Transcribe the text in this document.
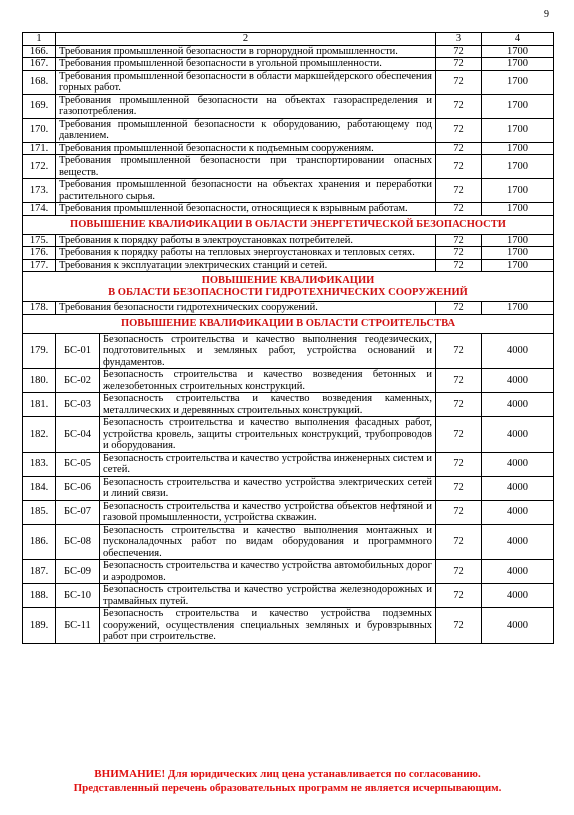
9
1	2		3	4
166.	Требования промышленной безопасности в горнорудной промышленности.		72	1700
167.	Требования промышленной безопасности в угольной промышленности.		72	1700
168.	Требования промышленной безопасности в области маркшейдерского обеспечения горных работ.		72	1700
169.	Требования промышленной безопасности на объектах газораспределения и газопотребления.		72	1700
170.	Требования промышленной безопасности к оборудованию, работающему под давлением.		72	1700
171.	Требования промышленной безопасности к подъемным сооружениям.		72	1700
172.	Требования промышленной безопасности при транспортировании опасных веществ.		72	1700
173.	Требования промышленной безопасности на объектах хранения и переработки растительного сырья.		72	1700
174.	Требования промышленной безопасности, относящиеся к взрывным работам.		72	1700

ПОВЫШЕНИЕ КВАЛИФИКАЦИИ В ОБЛАСТИ ЭНЕРГЕТИЧЕСКОЙ БЕЗОПАСНОСТИ				

175.	Требования к порядку работы в электроустановках потребителей.		72	1700
176.	Требования к порядку работы на тепловых энергоустановках и тепловых сетях.		72	1700
177.	Требования к эксплуатации электрических станций и сетей.		72	1700

ПОВЫШЕНИЕ КВАЛИФИКАЦИИ
В ОБЛАСТИ БЕЗОПАСНОСТИ ГИДРОТЕХНИЧЕСКИХ СООРУЖЕНИЙ				

178.	Требования безопасности гидротехнических сооружений.		72	1700

ПОВЫШЕНИЕ КВАЛИФИКАЦИИ В ОБЛАСТИ СТРОИТЕЛЬСТВА				

179.	БС-01	Безопасность строительства и качество выполнения геодезических, подготовительных и земляных работ, устройства оснований и фундаментов.	72	4000
180.	БС-02	Безопасность строительства и качество возведения бетонных и железобетонных строительных конструкций.	72	4000
181.	БС-03	Безопасность строительства и качество возведения каменных, металлических и деревянных строительных конструкций.	72	4000
182.	БС-04	Безопасность строительства и качество выполнения фасадных работ, устройства кровель, защиты строительных конструкций, трубопроводов и оборудования.	72	4000
183.	БС-05	Безопасность строительства и качество устройства инженерных систем и сетей.	72	4000
184.	БС-06	Безопасность строительства и качество устройства электрических сетей и линий связи.	72	4000
185.	БС-07	Безопасность строительства и качество устройства объектов нефтяной и газовой промышленности, устройства скважин.	72	4000
186.	БС-08	Безопасность строительства и качество выполнения монтажных и пусконаладочных работ по видам оборудования и программного обеспечения.	72	4000
187.	БС-09	Безопасность строительства и качество устройства автомобильных дорог и аэродромов.	72	4000
188.	БС-10	Безопасность строительства и качество устройства железнодорожных и трамвайных путей.	72	4000
189.	БС-11	Безопасность строительства и качество устройства подземных сооружений, осуществления специальных земляных и буровзрывных работ при строительстве.	72	4000
ВНИМАНИЕ! Для юридических лиц цена устанавливается по согласованию.
Представленный перечень образовательных программ не является исчерпывающим.
